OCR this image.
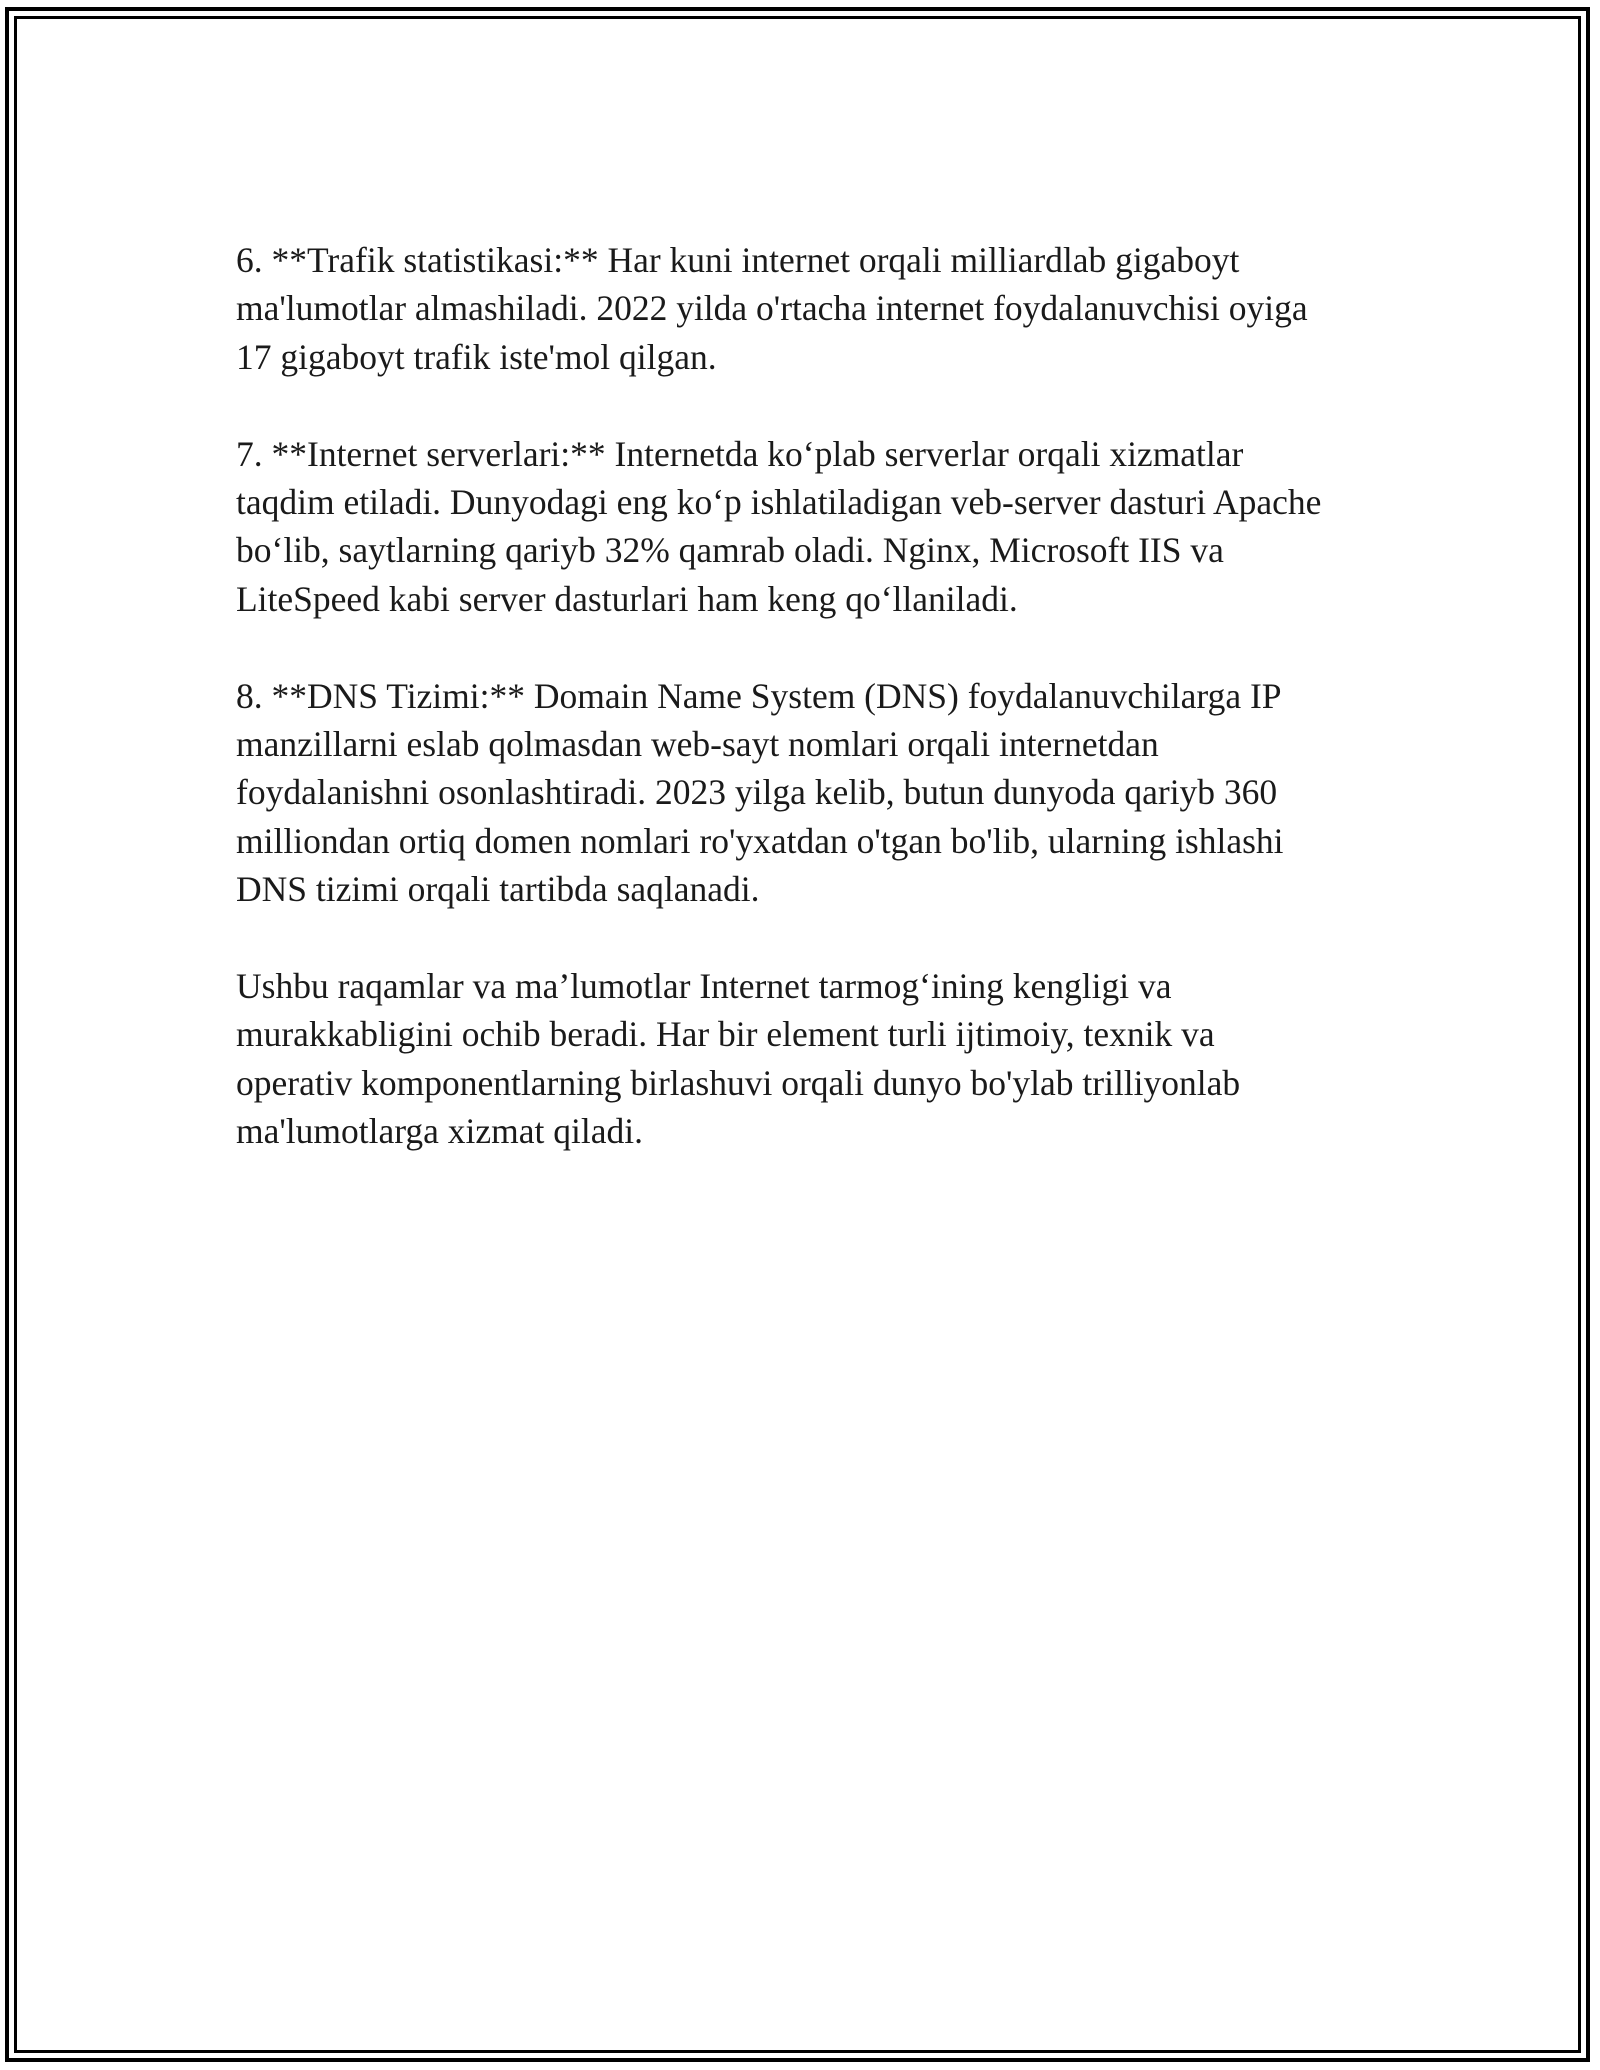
6. **Trafik statistikasi:** Har kuni internet orqali milliardlab gigaboyt
ma'lumotlar almashiladi. 2022 yilda o'rtacha internet foydalanuvchisi oyiga
17 gigaboyt trafik iste'mol qilgan.

7. **Internet serverlari:** Internetda ko‘plab serverlar orqali xizmatlar
taqdim etiladi. Dunyodagi eng ko‘p ishlatiladigan veb-server dasturi Apache
bo‘lib, saytlarning qariyb 32% qamrab oladi. Nginx, Microsoft IIS va
LiteSpeed kabi server dasturlari ham keng qo‘llaniladi.

8. **DNS Tizimi:** Domain Name System (DNS) foydalanuvchilarga IP
manzillarni eslab qolmasdan web-sayt nomlari orqali internetdan
foydalanishni osonlashtiradi. 2023 yilga kelib, butun dunyoda qariyb 360
milliondan ortiq domen nomlari ro'yxatdan o'tgan bo'lib, ularning ishlashi
DNS tizimi orqali tartibda saqlanadi.

Ushbu raqamlar va ma’lumotlar Internet tarmog‘ining kengligi va
murakkabligini ochib beradi. Har bir element turli ijtimoiy, texnik va
operativ komponentlarning birlashuvi orqali dunyo bo'ylab trilliyonlab
ma'lumotlarga xizmat qiladi.
